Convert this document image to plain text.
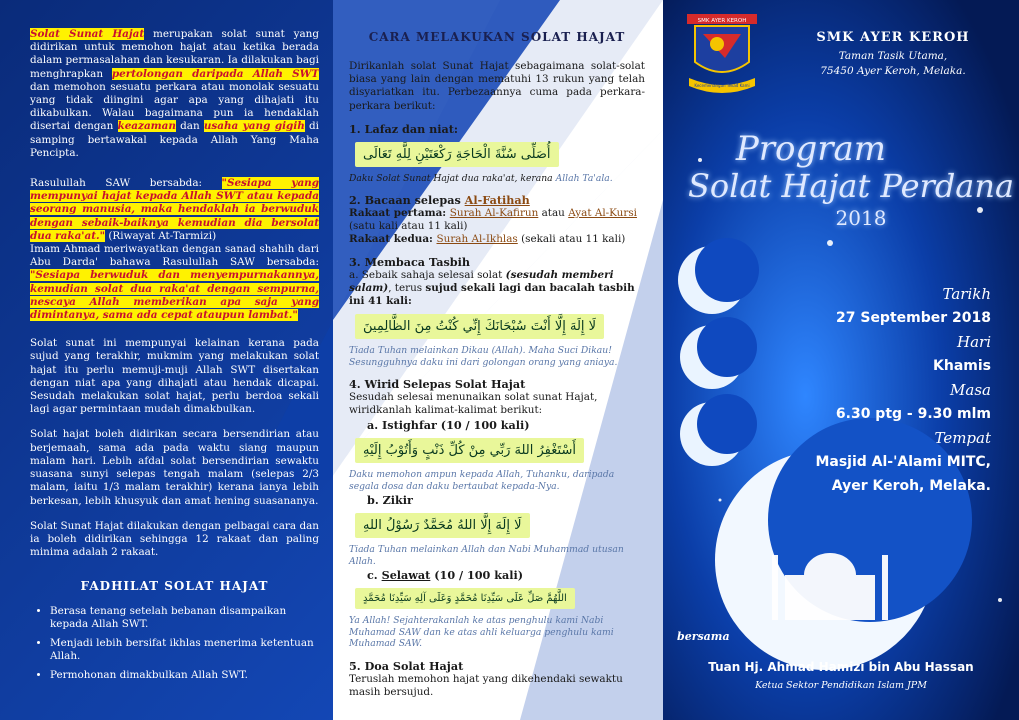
Solat Sunat Hajat merupakan solat sunat yang didirikan untuk memohon hajat atau ketika berada dalam permasalahan dan kesukaran. Ia dilakukan bagi menghrapkan pertolongan daripada Allah SWT dan memohon sesuatu perkara atau monolak sesuatu yang tidak diingini agar apa yang dihajati itu dikabulkan. Walau bagaimana pun ia hendaklah disertai dengan keazaman dan usaha yang gigih di samping bertawakal kepada Allah Yang Maha Pencipta.

Rasulullah SAW bersabda: "Sesiapa yang mempunyai hajat kepada Allah SWT atau kepada seorang manusia, maka hendaklah ia berwuduk dengan sebaik-baiknya kemudian dia bersolat dua raka'at." (Riwayat At-Tarmizi)

Imam Ahmad meriwayatkan dengan sanad shahih dari Abu Darda' bahawa Rasulullah SAW bersabda: "Sesiapa berwuduk dan menyempurnakannya, kemudian solat dua raka'at dengan sempurna, nescaya Allah memberikan apa saja yang dimintanya, sama ada cepat ataupun lambat."

Solat sunat ini mempunyai kelainan kerana pada sujud yang terakhir, mukmim yang melakukan solat hajat itu perlu memuji-muji Allah SWT disertakan dengan niat apa yang dihajati atau hendak dicapai. Sesudah melakukan solat hajat, perlu berdoa sekali lagi agar permintaan mudah dimakbulkan.

Solat hajat boleh didirikan secara bersendirian atau berjemaah, sama ada pada waktu siang maupun malam hari. Lebih afdal solat bersendirian sewaktu suasana sunyi selepas tengah malam (selepas 2/3 malam, iaitu 1/3 malam terakhir) kerana ianya lebih berkesan, lebih khusyuk dan amat hening suasananya.

Solat Sunat Hajat dilakukan dengan pelbagai cara dan ia boleh didirikan sehingga 12 rakaat dan paling minima adalah 2 rakaat.

FADHILAT SOLAT HAJAT
• Berasa tenang setelah bebanan disampaikan kepada Allah SWT.
• Menjadi lebih bersifat ikhlas menerima ketentuan Allah.
• Permohonan dimakbulkan Allah SWT.
CARA MELAKUKAN SOLAT HAJAT

Dirikanlah solat Sunat Hajat sebagaimana solat-solat biasa yang lain dengan mematuhi 13 rukun yang telah disyariatkan itu. Perbezaannya cuma pada perkara-perkara berikut:

1. Lafaz dan niat:
أُصَلِّى سُنَّةَ الْحَاجَةِ رَكْعَتَيْنِ لِلَّهِ تَعَالَى
Daku Solat Sunat Hajat dua raka'at, kerana Allah Ta'ala.
2. Bacaan selepas Al-Fatihah
Rakaat pertama: Surah Al-Kafirun atau Ayat Al-Kursi (satu kali atau 11 kali)
Rakaat kedua: Surah Al-Ikhlas (sekali atau 11 kali)
3. Membaca Tasbih
a. Sebaik sahaja selesai solat (sesudah memberi salam), terus sujud sekali lagi dan bacalah tasbih ini 41 kali:
لَا إِلَهَ إِلَّا أَنْتَ سُبْحَانَكَ إِنِّي كُنْتُ مِنَ الظَّالِمِينَ
Tiada Tuhan melainkan Dikau (Allah). Maha Suci Dikau! Sesungguhnya daku ini dari golongan orang yang aniaya.
4. Wirid Selepas Solat Hajat
Sesudah selesai menunaikan solat sunat Hajat, wiridkanlah kalimat-kalimat berikut:
a. Istighfar (10 / 100 kali)
أَسْتَغْفِرُ اللهَ رَبِّي مِنْ كُلِّ ذَنْبٍ وَأَتُوْبُ إِلَيْهِ
Daku memohon ampun kepada Allah, Tuhanku, daripada segala dosa dan daku bertaubat kepada-Nya.
b. Zikir
لَا إِلَهَ إِلَّا اللهُ مُحَمَّدٌ رَسُوْلُ اللهِ
Tiada Tuhan melainkan Allah dan Nabi Muhammad utusan Allah.
c. Selawat (10 / 100 kali)
اللَّهُمَّ صَلِّ عَلَى سَيِّدِنَا مُحَمَّدٍ وَعَلَى آلِهِ سَيِّدِنَا مُحَمَّدٍ
Ya Allah! Sejahterakanlah ke atas penghulu kami Nabi Muhamad SAW dan ke atas ahli keluarga penghulu kami Muhamad SAW.
5. Doa Solat Hajat
Teruslah memohon hajat yang dikehendaki sewaktu masih bersujud.
SMK AYER KEROH
Kecemerlangan Tekad Kami
SMK AYER KEROH
Taman Tasik Utama,
75450 Ayer Keroh, Melaka.
Program
Solat Hajat Perdana
2018
Tarikh
27 September 2018
Hari
Khamis
Masa
6.30 ptg - 9.30 mlm
Tempat
Masjid Al-'Alami MITC,
Ayer Keroh, Melaka.
bersama
Tuan Hj. Ahmad Hamizi bin Abu Hassan
Ketua Sektor Pendidikan Islam JPM
